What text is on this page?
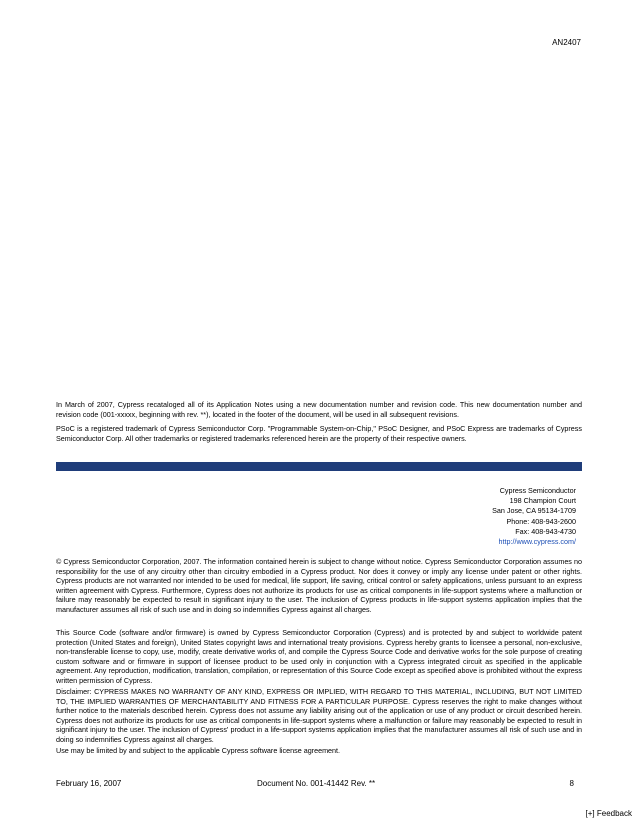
AN2407

In March of 2007, Cypress recataloged all of its Application Notes using a new documentation number and revision code. This new documentation number and revision code (001-xxxxx, beginning with rev. **), located in the footer of the document, will be used in all subsequent revisions.

PSoC is a registered trademark of Cypress Semiconductor Corp. "Programmable System-on-Chip," PSoC Designer, and PSoC Express are trademarks of Cypress Semiconductor Corp. All other trademarks or registered trademarks referenced herein are the property of their respective owners.

Cypress Semiconductor
198 Champion Court
San Jose, CA 95134-1709
Phone: 408-943-2600
Fax: 408-943-4730
http://www.cypress.com/

© Cypress Semiconductor Corporation, 2007. The information contained herein is subject to change without notice. Cypress Semiconductor Corporation assumes no responsibility for the use of any circuitry other than circuitry embodied in a Cypress product. Nor does it convey or imply any license under patent or other rights. Cypress products are not warranted nor intended to be used for medical, life support, life saving, critical control or safety applications, unless pursuant to an express written agreement with Cypress. Furthermore, Cypress does not authorize its products for use as critical components in life-support systems where a malfunction or failure may reasonably be expected to result in significant injury to the user. The inclusion of Cypress products in life-support systems application implies that the manufacturer assumes all risk of such use and in doing so indemnifies Cypress against all charges.

This Source Code (software and/or firmware) is owned by Cypress Semiconductor Corporation (Cypress) and is protected by and subject to worldwide patent protection (United States and foreign), United States copyright laws and international treaty provisions. Cypress hereby grants to licensee a personal, non-exclusive, non-transferable license to copy, use, modify, create derivative works of, and compile the Cypress Source Code and derivative works for the sole purpose of creating custom software and or firmware in support of licensee product to be used only in conjunction with a Cypress integrated circuit as specified in the applicable agreement. Any reproduction, modification, translation, compilation, or representation of this Source Code except as specified above is prohibited without the express written permission of Cypress.

Disclaimer: CYPRESS MAKES NO WARRANTY OF ANY KIND, EXPRESS OR IMPLIED, WITH REGARD TO THIS MATERIAL, INCLUDING, BUT NOT LIMITED TO, THE IMPLIED WARRANTIES OF MERCHANTABILITY AND FITNESS FOR A PARTICULAR PURPOSE. Cypress reserves the right to make changes without further notice to the materials described herein. Cypress does not assume any liability arising out of the application or use of any product or circuit described herein. Cypress does not authorize its products for use as critical components in life-support systems where a malfunction or failure may reasonably be expected to result in significant injury to the user. The inclusion of Cypress' product in a life-support systems application implies that the manufacturer assumes all risk of such use and in doing so indemnifies Cypress against all charges.

Use may be limited by and subject to the applicable Cypress software license agreement.

February 16, 2007	Document No. 001-41442 Rev. **	8
[+] Feedback
